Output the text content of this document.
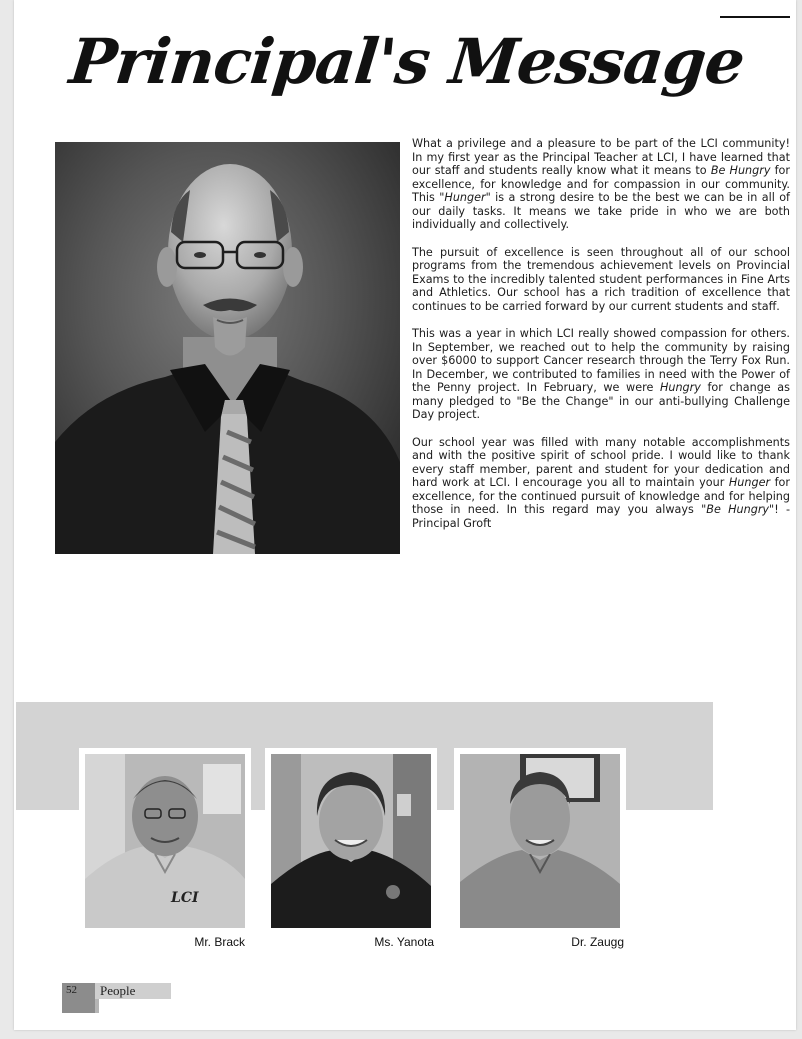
Principal's Message

What a privilege and a pleasure to be part of the LCI community! In my first year as the Principal Teacher at LCI, I have learned that our staff and students really know what it means to Be Hungry for excellence, for knowledge and for compassion in our community. This "Hunger" is a strong desire to be the best we can be in all of our daily tasks. It means we take pride in who we are both individually and collectively.

The pursuit of excellence is seen throughout all of our school programs from the tremendous achievement levels on Provincial Exams to the incredibly talented student performances in Fine Arts and Athletics. Our school has a rich tradition of excellence that continues to be carried forward by our current students and staff.

This was a year in which LCI really showed compassion for others. In September, we reached out to help the community by raising over $6000 to support Cancer research through the Terry Fox Run. In December, we contributed to families in need with the Power of the Penny project. In February, we were Hungry for change as many pledged to "Be the Change" in our anti-bullying Challenge Day project.

Our school year was filled with many notable accomplishments and with the positive spirit of school pride. I would like to thank every staff member, parent and student for your dedication and hard work at LCI. I encourage you all to maintain your Hunger for excellence, for the continued pursuit of knowledge and for helping those in need. In this regard may you always "Be Hungry"! - Principal Groft

LCI
Mr. Brack	Ms. Yanota	Dr. Zaugg
52 People
